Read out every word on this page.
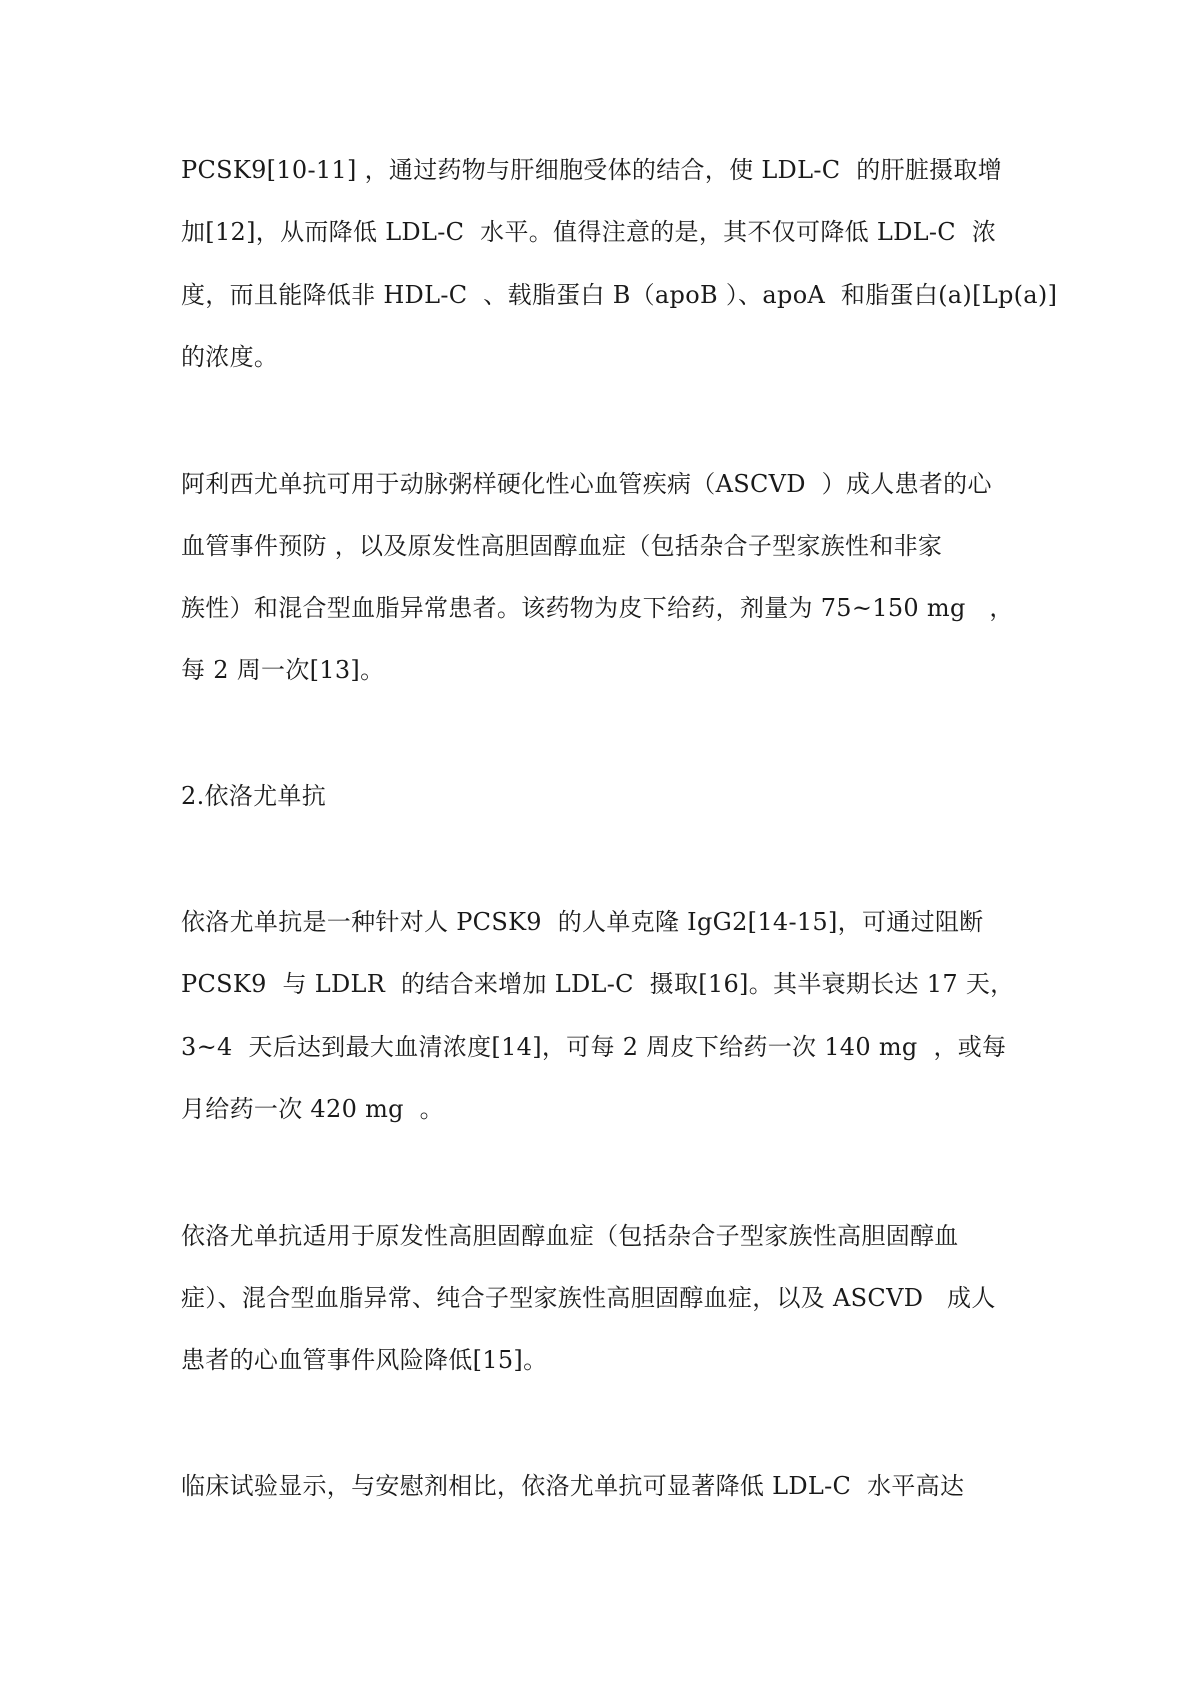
PCSK9[10-11] ，通过药物与肝细胞受体的结合，使 LDL-C  的肝脏摄取增
加[12]，从而降低 LDL-C  水平。值得注意的是，其不仅可降低 LDL-C  浓
度，而且能降低非 HDL-C  、载脂蛋白 B（apoB ）、apoA  和脂蛋白(a)[Lp(a)]
的浓度。
阿利西尤单抗可用于动脉粥样硬化性心血管疾病（ASCVD  ）成人患者的心
血管事件预防 ，以及原发性高胆固醇血症（包括杂合子型家族性和非家
族性）和混合型血脂异常患者。该药物为皮下给药，剂量为 75~150 mg   ，
每 2 周一次[13]。
2.依洛尤单抗
依洛尤单抗是一种针对人 PCSK9  的人单克隆 IgG2[14-15]，可通过阻断
PCSK9  与 LDLR  的结合来增加 LDL-C  摄取[16]。其半衰期长达 17 天，
3~4  天后达到最大血清浓度[14]，可每 2 周皮下给药一次 140 mg  ，或每
月给药一次 420 mg  。
依洛尤单抗适用于原发性高胆固醇血症（包括杂合子型家族性高胆固醇血
症）、混合型血脂异常、纯合子型家族性高胆固醇血症，以及 ASCVD   成人
患者的心血管事件风险降低[15]。
临床试验显示，与安慰剂相比，依洛尤单抗可显著降低 LDL-C  水平高达
